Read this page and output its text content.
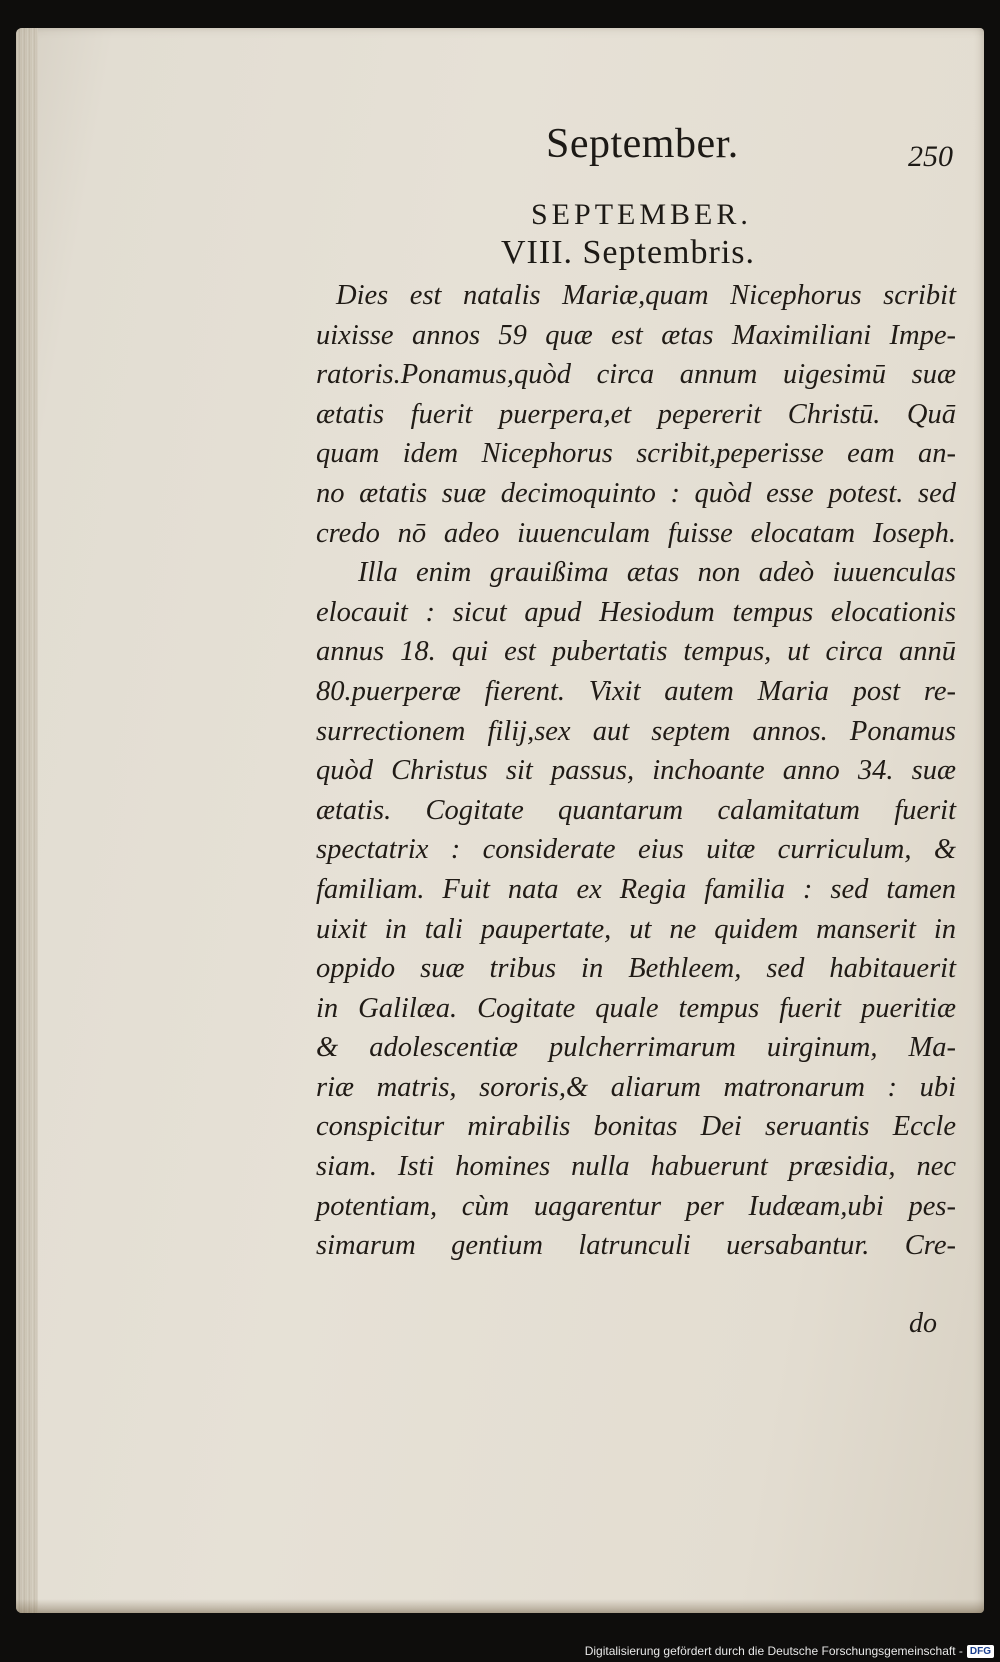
September.	250
SEPTEMBER.
VIII. Septembris.
Dies est natalis Mariæ,quam Nicephorus scribit
uixisse annos 59 quæ est ætas Maximiliani Impe-
ratoris.Ponamus,quòd circa annum uigesimū suæ
ætatis fuerit puerpera,et pepererit Christū. Quā
quam idem Nicephorus scribit,peperisse eam an-
no ætatis suæ decimoquinto : quòd esse potest. sed
credo nō adeo iuuenculam fuisse elocatam Ioseph.
Illa enim grauißima ætas non adeò iuuenculas
elocauit : sicut apud Hesiodum tempus elocationis
annus 18. qui est pubertatis tempus, ut circa annū
80.puerperæ fierent. Vixit autem Maria post re-
surrectionem filij,sex aut septem annos. Ponamus
quòd Christus sit passus, inchoante anno 34. suæ
ætatis. Cogitate quantarum calamitatum fuerit
spectatrix : considerate eius uitæ curriculum, &
familiam. Fuit nata ex Regia familia : sed tamen
uixit in tali paupertate, ut ne quidem manserit in
oppido suæ tribus in Bethleem, sed habitauerit
in Galilæa. Cogitate quale tempus fuerit pueritiæ
& adolescentiæ pulcherrimarum uirginum, Ma-
riæ matris, sororis,& aliarum matronarum : ubi
conspicitur mirabilis bonitas Dei seruantis Eccle
siam. Isti homines nulla habuerunt præsidia, nec
potentiam, cùm uagarentur per Iudæam,ubi pes-
simarum gentium latrunculi uersabantur. Cre-
do
Digitalisierung gefördert durch die Deutsche Forschungsgemeinschaft - DFG
